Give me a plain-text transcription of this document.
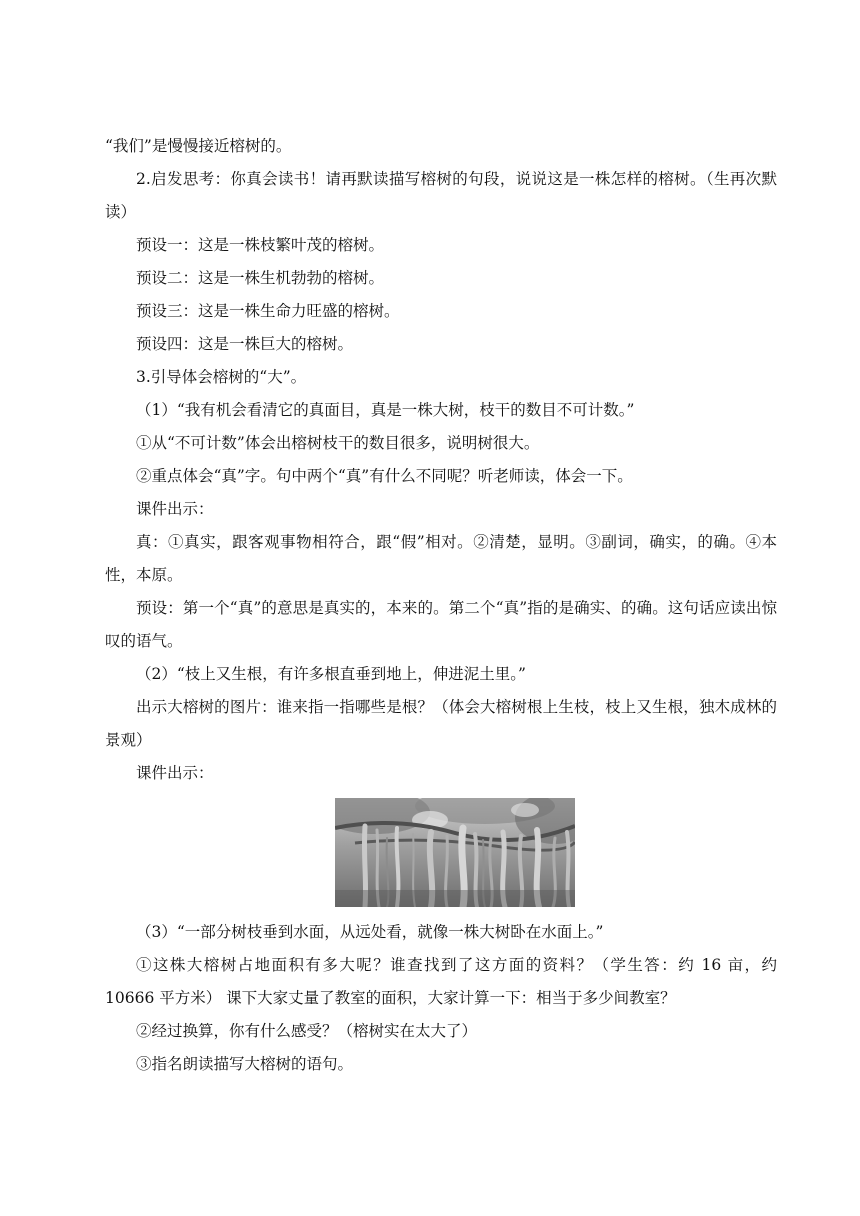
“我们”是慢慢接近榕树的。

2.启发思考：你真会读书！请再默读描写榕树的句段，说说这是一株怎样的榕树。（生再次默读）

预设一：这是一株枝繁叶茂的榕树。

预设二：这是一株生机勃勃的榕树。

预设三：这是一株生命力旺盛的榕树。

预设四：这是一株巨大的榕树。

3.引导体会榕树的“大”。

（1）“我有机会看清它的真面目，真是一株大树，枝干的数目不可计数。”

①从“不可计数”体会出榕树枝干的数目很多，说明树很大。

②重点体会“真”字。句中两个“真”有什么不同呢？听老师读，体会一下。

课件出示：

真：①真实，跟客观事物相符合，跟“假”相对。②清楚，显明。③副词，确实，的确。④本性，本原。

预设：第一个“真”的意思是真实的，本来的。第二个“真”指的是确实、的确。这句话应读出惊叹的语气。

（2）“枝上又生根，有许多根直垂到地上，伸进泥土里。”

出示大榕树的图片：谁来指一指哪些是根？（体会大榕树根上生枝，枝上又生根，独木成林的景观）

课件出示：

（3）“一部分树枝垂到水面，从远处看，就像一株大树卧在水面上。”

①这株大榕树占地面积有多大呢？谁查找到了这方面的资料？（学生答：约 16 亩，约 10666 平方米） 课下大家丈量了教室的面积，大家计算一下：相当于多少间教室？

②经过换算，你有什么感受？（榕树实在太大了）

③指名朗读描写大榕树的语句。
